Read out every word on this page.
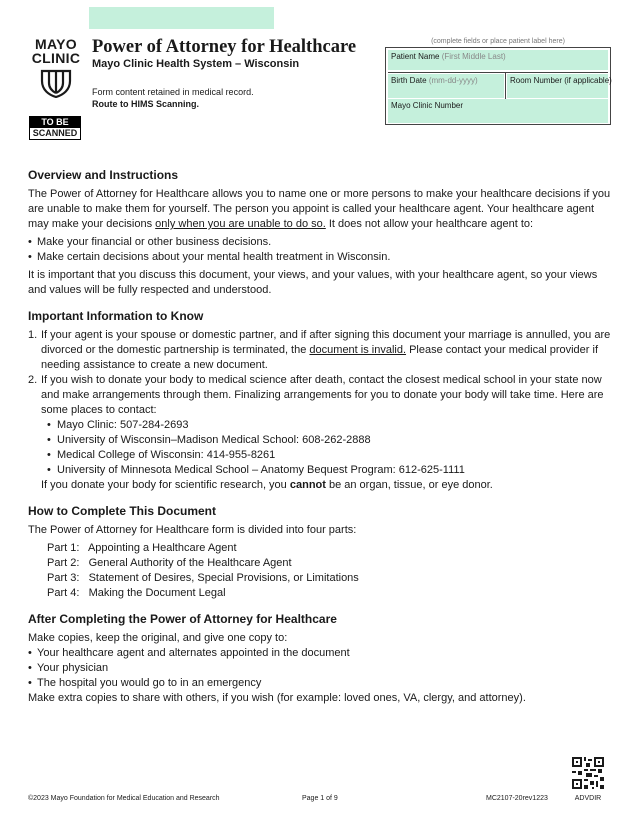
MAYO
CLINIC
TO BE
SCANNED
Power of Attorney for Healthcare
Mayo Clinic Health System – Wisconsin
Form content retained in medical record.
Route to HIMS Scanning.
(complete fields or place patient label here)
Patient Name (First Middle Last)
Birth Date (mm-dd-yyyy)	Room Number (if applicable)
Mayo Clinic Number
Overview and Instructions

The Power of Attorney for Healthcare allows you to name one or more persons to make your healthcare decisions if you are unable to make them for yourself. The person you appoint is called your healthcare agent. Your healthcare agent may make your decisions only when you are unable to do so. It does not allow your healthcare agent to:

• Make your financial or other business decisions.
• Make certain decisions about your mental health treatment in Wisconsin.

It is important that you discuss this document, your views, and your values, with your healthcare agent, so your views and values will be fully respected and understood.

Important Information to Know
1. If your agent is your spouse or domestic partner, and if after signing this document your marriage is annulled, you are divorced or the domestic partnership is terminated, the document is invalid. Please contact your medical provider if needing assistance to create a new document.
2. If you wish to donate your body to medical science after death, contact the closest medical school in your state now and make arrangements through them. Finalizing arrangements for you to donate your body will take time. Here are some places to contact:
• Mayo Clinic: 507-284-2693
• University of Wisconsin–Madison Medical School: 608-262-2888
• Medical College of Wisconsin: 414-955-8261
• University of Minnesota Medical School – Anatomy Bequest Program: 612-625-1111
If you donate your body for scientific research, you cannot be an organ, tissue, or eye donor.
How to Complete This Document

The Power of Attorney for Healthcare form is divided into four parts:

Part 1: Appointing a Healthcare Agent
Part 2: General Authority of the Healthcare Agent
Part 3: Statement of Desires, Special Provisions, or Limitations
Part 4: Making the Document Legal
After Completing the Power of Attorney for Healthcare

Make copies, keep the original, and give one copy to:

• Your healthcare agent and alternates appointed in the document
• Your physician
• The hospital you would go to in an emergency

Make extra copies to share with others, if you wish (for example: loved ones, VA, clergy, and attorney).

ADVDIR
©2023 Mayo Foundation for Medical Education and Research	Page 1 of 9	MC2107-20rev1223
